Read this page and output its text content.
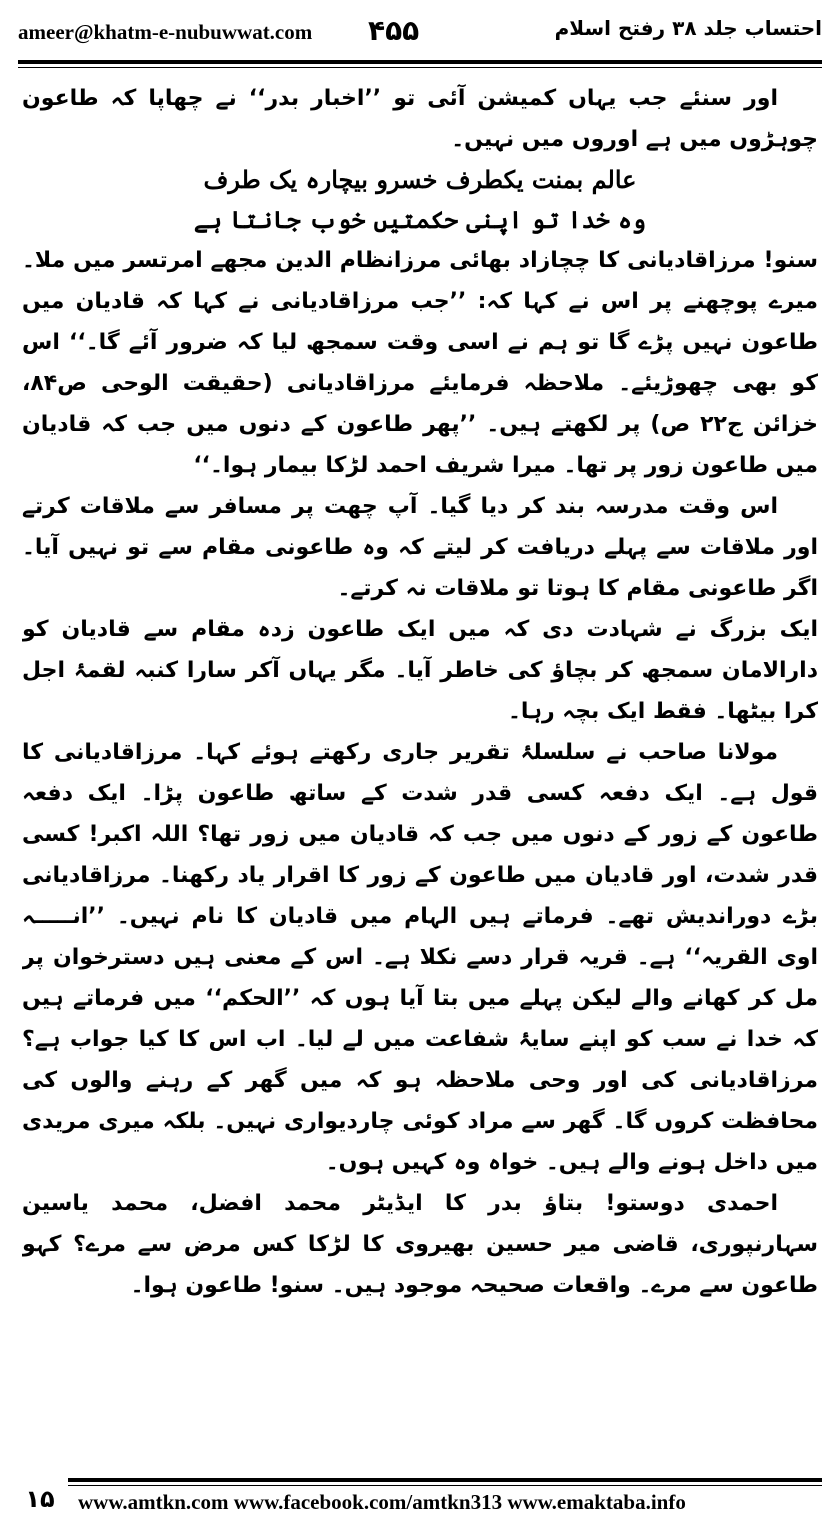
ameer@khatm-e-nubuwwat.com ۴۵۵	احتساب جلد ۳۸ رفتح اسلام

اور سنئے جب یہاں کمیشن آئی تو ’’اخبار بدر‘‘ نے چھاپا کہ طاعون چوہڑوں میں ہے اوروں میں نہیں۔

عالم بمنت یکطرف خسرو بیچارہ یک طرف

وہ خدا تو اپنی حکمتیں خوب جانتا ہے

سنو! مرزاقادیانی کا چچازاد بھائی مرزانظام الدین مجھے امرتسر میں ملا۔ میرے پوچھنے پر اس نے کہا کہ: ’’جب مرزاقادیانی نے کہا کہ قادیان میں طاعون نہیں پڑے گا تو ہم نے اسی وقت سمجھ لیا کہ ضرور آئے گا۔‘‘ اس کو بھی چھوڑیئے۔ ملاحظہ فرمایئے مرزاقادیانی (حقیقت الوحی ص۸۴، خزائن ج۲۲ ص) پر لکھتے ہیں۔ ’’پھر طاعون کے دنوں میں جب کہ قادیان میں طاعون زور پر تھا۔ میرا شریف احمد لڑکا بیمار ہوا۔‘‘

اس وقت مدرسہ بند کر دیا گیا۔ آپ چھت پر مسافر سے ملاقات کرتے اور ملاقات سے پہلے دریافت کر لیتے کہ وہ طاعونی مقام سے تو نہیں آیا۔ اگر طاعونی مقام کا ہوتا تو ملاقات نہ کرتے۔

ایک بزرگ نے شہادت دی کہ میں ایک طاعون زدہ مقام سے قادیان کو دارالامان سمجھ کر بچاؤ کی خاطر آیا۔ مگر یہاں آکر سارا کنبہ لقمۂ اجل کرا بیٹھا۔ فقط ایک بچہ رہا۔

مولانا صاحب نے سلسلۂ تقریر جاری رکھتے ہوئے کہا۔ مرزاقادیانی کا قول ہے۔ ایک دفعہ کسی قدر شدت کے ساتھ طاعون پڑا۔ ایک دفعہ طاعون کے زور کے دنوں میں جب کہ قادیان میں زور تھا؟ اللہ اکبر! کسی قدر شدت، اور قادیان میں طاعون کے زور کا اقرار یاد رکھنا۔ مرزاقادیانی بڑے دوراندیش تھے۔ فرماتے ہیں الہام میں قادیان کا نام نہیں۔ ’’انـــــہ اوی القریہ‘‘ ہے۔ قریہ قرار دسے نکلا ہے۔ اس کے معنی ہیں دسترخوان پر مل کر کھانے والے لیکن پہلے میں بتا آیا ہوں کہ ’’الحکم‘‘ میں فرماتے ہیں کہ خدا نے سب کو اپنے سایۂ شفاعت میں لے لیا۔ اب اس کا کیا جواب ہے؟ مرزاقادیانی کی اور وحی ملاحظہ ہو کہ میں گھر کے رہنے والوں کی محافظت کروں گا۔ گھر سے مراد کوئی چاردیواری نہیں۔ بلکہ میری مریدی میں داخل ہونے والے ہیں۔ خواہ وہ کہیں ہوں۔

احمدی دوستو! بتاؤ بدر کا ایڈیٹر محمد افضل، محمد یاسین سہارنپوری، قاضی میر حسین بھیروی کا لڑکا کس مرض سے مرے؟ کہو طاعون سے مرے۔ واقعات صحیحہ موجود ہیں۔ سنو! طاعون ہوا۔

۱۵	www.amtkn.com www.facebook.com/amtkn313 www.emaktaba.info
